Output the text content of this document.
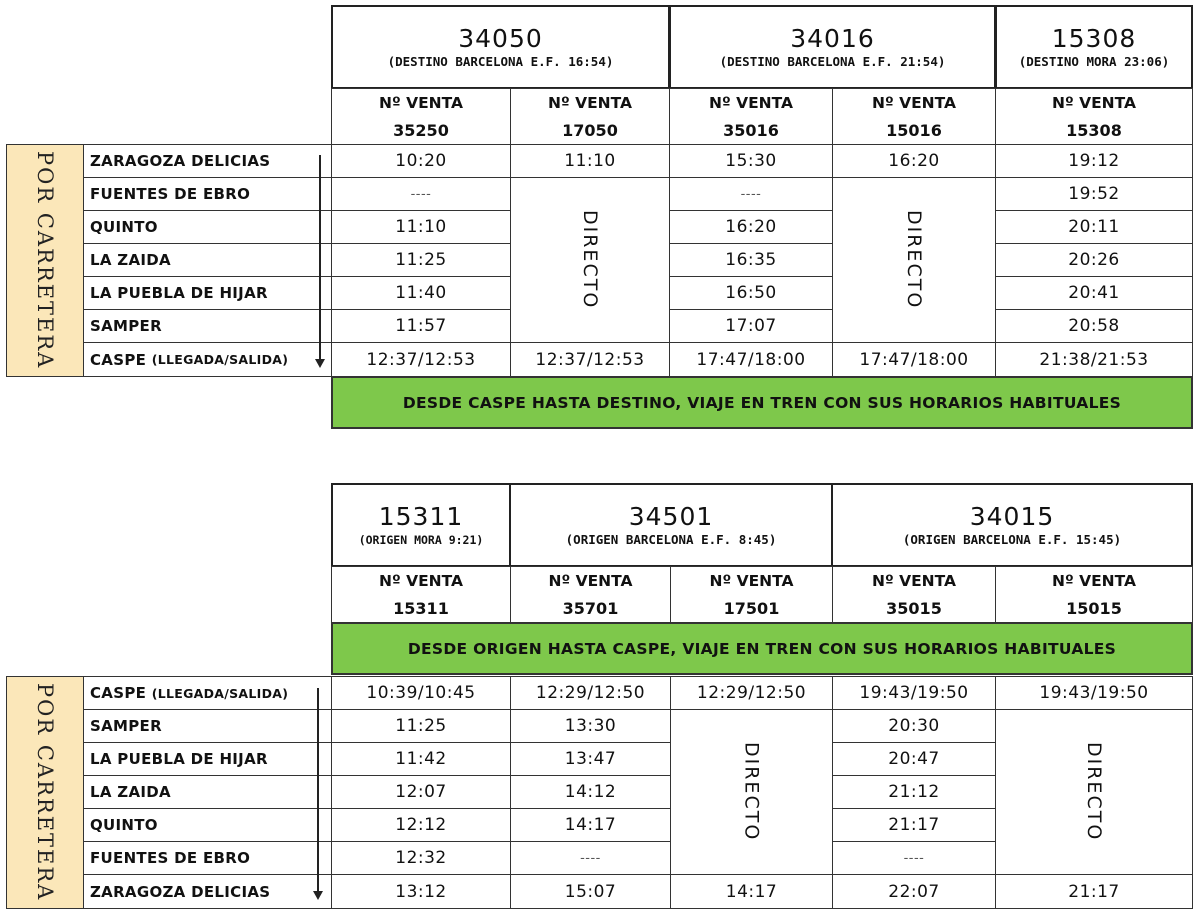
34050
(DESTINO BARCELONA E.F. 16:54)
34016
(DESTINO BARCELONA E.F. 21:54)
15308
(DESTINO MORA 23:06)
Nº VENTA
35250
Nº VENTA
17050
Nº VENTA
35016
Nº VENTA
15016
Nº VENTA
15308
POR CARRETERA ZARAGOZA DELICIAS
FUENTES DE EBRO
QUINTO
LA ZAIDA
LA PUEBLA DE HIJAR
SAMPER
CASPE
(LLEGADA/SALIDA)
10:20
----
11:10
11:25
11:40
11:57
12:37/12:53
11:10
DIRECTO
12:37/12:53
15:30
----
16:20
16:35
16:50
17:07
17:47/18:00
16:20
DIRECTO
17:47/18:00
19:12
19:52
20:11
20:26
20:41
20:58
21:38/21:53
DESDE CASPE HASTA DESTINO, VIAJE EN TREN CON SUS HORARIOS HABITUALES
15311
(ORIGEN MORA 9:21)
34501
(ORIGEN BARCELONA E.F. 8:45)
34015
(ORIGEN BARCELONA E.F. 15:45)
Nº VENTA
15311
Nº VENTA
35701
Nº VENTA
17501
Nº VENTA
35015
Nº VENTA
15015
DESDE ORIGEN HASTA CASPE, VIAJE EN TREN CON SUS HORARIOS HABITUALES
POR CARRETERA CASPE
(LLEGADA/SALIDA)
SAMPER
LA PUEBLA DE HIJAR
LA ZAIDA
QUINTO
FUENTES DE EBRO
ZARAGOZA DELICIAS
10:39/10:45
11:25
11:42
12:07
12:12
12:32
13:12
12:29/12:50
13:30
13:47
14:12
14:17
----
15:07
12:29/12:50
DIRECTO
14:17
19:43/19:50
20:30
20:47
21:12
21:17
----
22:07
19:43/19:50
DIRECTO
21:17
